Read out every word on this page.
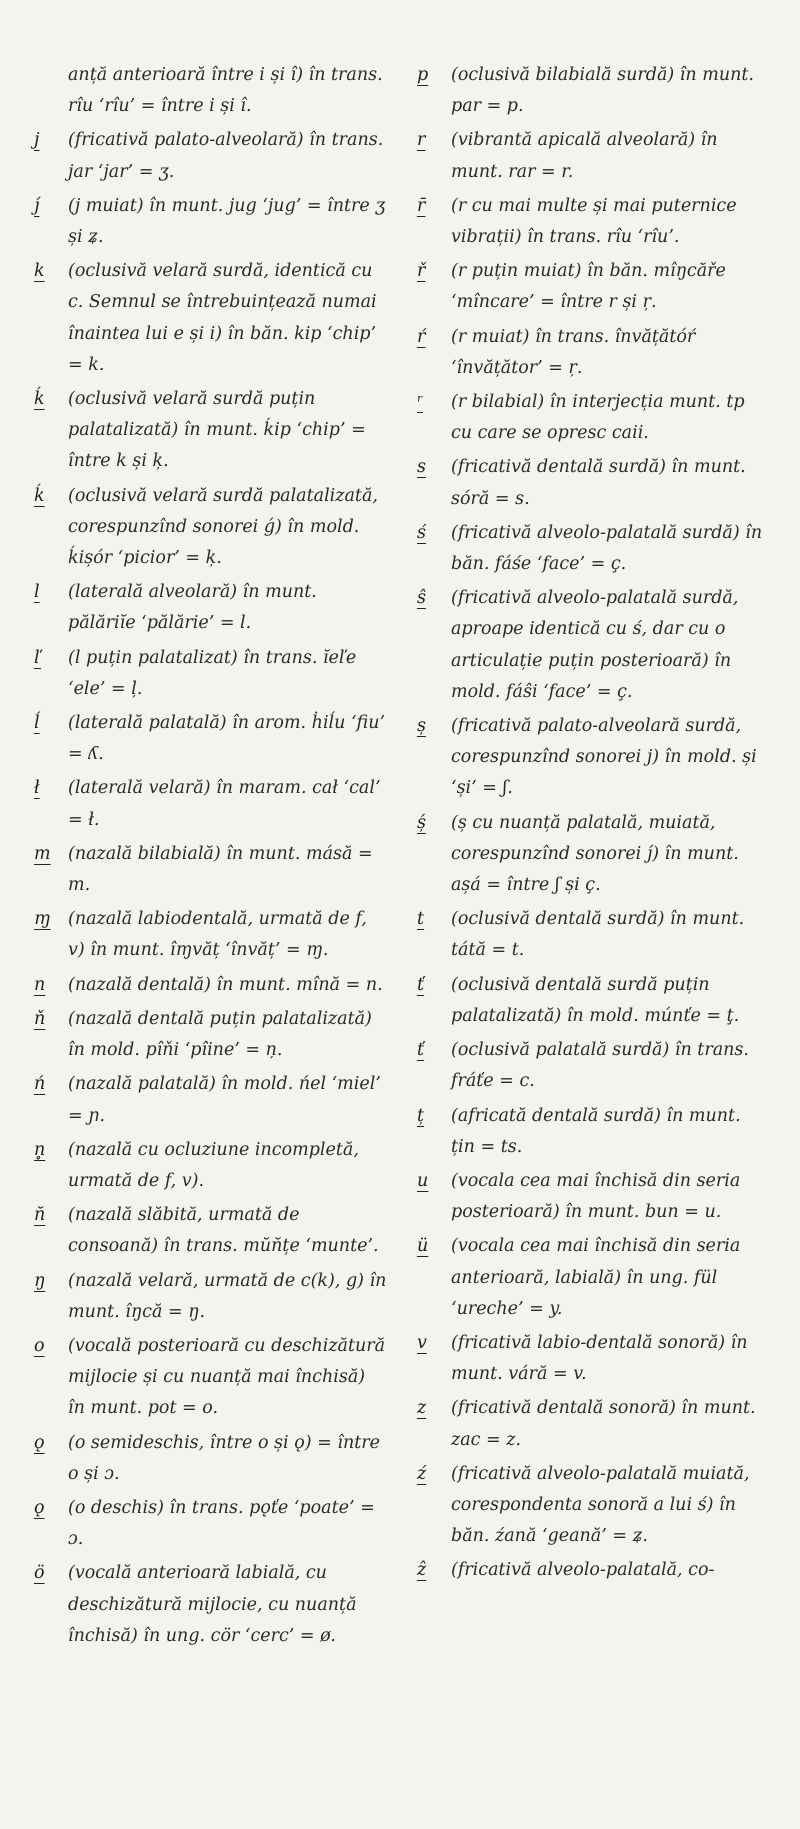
anță anterioară între i și î) în trans. rîu ‘rîu’ = între i și î.
j	(fricativă palato-alveolară) în trans. jar ‘jar’ = ʒ.
j́	(j muiat) în munt. jug ‘jug’ = între ʒ și ʑ.
k	(oclusivă velară surdă, identică cu c. Semnul se întrebuințează numai înaintea lui e și i) în băn. kip ‘chip’ = k.
ḱ	(oclusivă velară surdă puțin palatalizată) în munt. ḱip ‘chip’ = între k și ķ.
ḱ	(oclusivă velară surdă palatalizată, corespunzînd sonorei ǵ) în mold. ḱișór ‘picior’ = ķ.
l	(laterală alveolară) în munt. pălăriĭe ‘pălărie’ = l.
ľ	(l puțin palatalizat) în trans. ĭeľe ‘ele’ = ļ.
ĺ	(laterală palatală) în arom. ḣiĺu ‘fiu’ = ʎ.
ł	(laterală velară) în maram. cał ‘cal’ = ł.
m (nazală bilabială) în munt. másă = m.
ɱ (nazală labiodentală, urmată de f, v) în munt. îɱvăț ‘învăț’ = ɱ.
n	(nazală dentală) în munt. mînă = n.
ň	(nazală dentală puțin palatalizată) în mold. pîňi ‘pîine’ = ņ.
ń	(nazală palatală) în mold. ńel ‘miel’ = ɲ.
n̥	(nazală cu ocluziune incompletă, urmată de f, v).
n̆	(nazală slăbită, urmată de consoană) în trans. mŭn̆țe ‘munte’.
ŋ	(nazală velară, urmată de c(k), g) în munt. îŋcă = ŋ.
o	(vocală posterioară cu deschizătură mijlocie și cu nuanță mai închisă) în munt. pot = o.
ǫ	(o semideschis, între o și ǫ) = între o și ɔ.
ǫ	(o deschis) în trans. pǫťe ‘poate’ = ɔ.
ö	(vocală anterioară labială, cu deschizătură mijlocie, cu nuanță închisă) în ung. cör ‘cerc’ = ø.
p	(oclusivă bilabială surdă) în munt. par = p.
r	(vibrantă apicală alveolară) în munt. rar = r.
r̄	(r cu mai multe și mai puternice vibrații) în trans. rîu ‘rîu’.
ř	(r puțin muiat) în băn. mîŋcăře ‘mîncare’ = între r și ŗ.
ŕ	(r muiat) în trans. învățătóŕ ‘învățător’ = ŗ.
ʳ	(r bilabial) în interjecția munt. tp cu care se opresc caii.
s	(fricativă dentală surdă) în munt. sóră = s.
ś	(fricativă alveolo-palatală surdă) în băn. fáśe ‘face’ = ç.
ŝ	(fricativă alveolo-palatală surdă, aproape identică cu ś, dar cu o articulație puțin posterioară) în mold. fáŝi ‘face’ = ç.
ș	(fricativă palato-alveolară surdă, corespunzînd sonorei j) în mold. și ‘și’ = ʃ.
ș́	(ș cu nuanță palatală, muiată, corespunzînd sonorei j́) în munt. așá = între ʃ și ç.
t	(oclusivă dentală surdă) în munt. tátă = t.
ť	(oclusivă dentală surdă puțin palatalizată) în mold. múnťe = ţ.
ť	(oclusivă palatală surdă) în trans. fráťe = c.
ț	(africată dentală surdă) în munt. țin = ts.
u	(vocala cea mai închisă din seria posterioară) în munt. bun = u.
ü	(vocala cea mai închisă din seria anterioară, labială) în ung. fül ‘ureche’ = y.
v	(fricativă labio-dentală sonoră) în munt. váră = v.
z	(fricativă dentală sonoră) în munt. zac = z.
ź	(fricativă alveolo-palatală muiată, corespondenta sonoră a lui ś) în băn. źană ‘geană’ = ʑ.
ẑ	(fricativă alveolo-palatală, co-
